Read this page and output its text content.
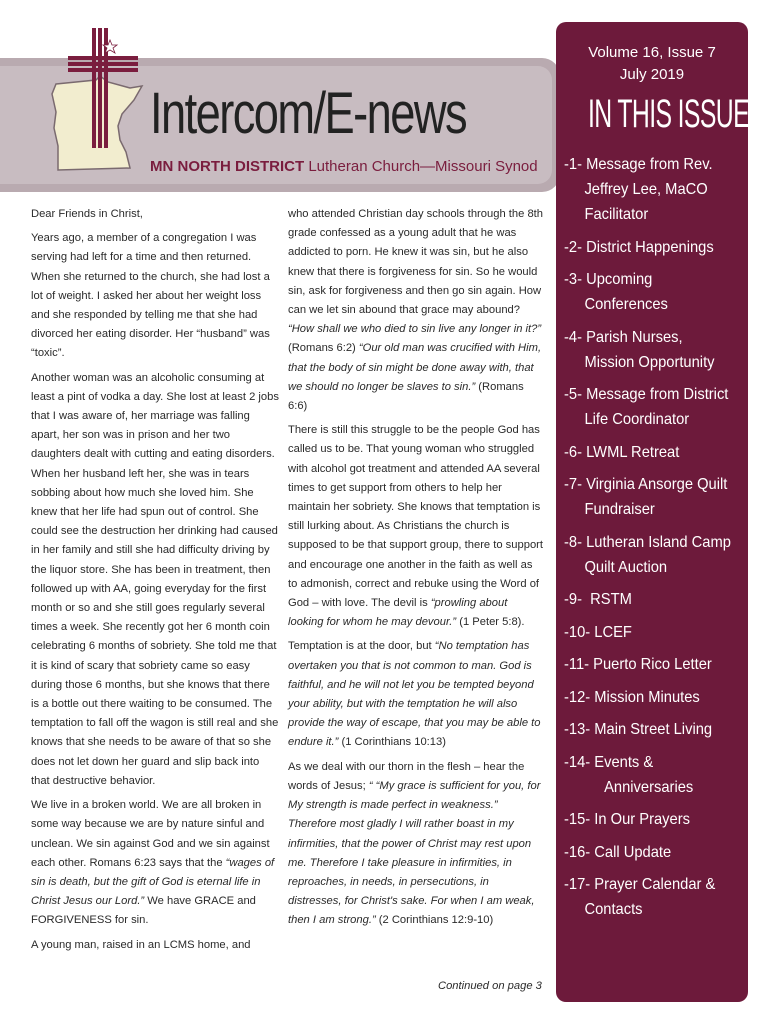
Intercom/E-news
MN NORTH DISTRICT Lutheran Church—Missouri Synod
Volume 16, Issue 7
July 2019
IN THIS ISSUE
-1- Message from Rev.
Jeffrey Lee, MaCO
Facilitator
-2- District Happenings
-3- Upcoming
Conferences
-4- Parish Nurses,
Mission Opportunity
-5- Message from District
Life Coordinator
-6- LWML Retreat
-7- Virginia Ansorge Quilt
Fundraiser
-8- Lutheran Island Camp
Quilt Auction
-9-  RSTM
-10- LCEF
-11- Puerto Rico Letter
-12- Mission Minutes
-13- Main Street Living
-14- Events &
Anniversaries
-15- In Our Prayers
-16- Call Update
-17- Prayer Calendar &
Contacts

Dear Friends in Christ,

Years ago, a member of a congregation I was serving had left for a time and then returned. When she returned to the church, she had lost a lot of weight. I asked her about her weight loss and she responded by telling me that she had divorced her eating disorder. Her “husband” was “toxic”.

Another woman was an alcoholic consuming at least a pint of vodka a day. She lost at least 2 jobs that I was aware of, her marriage was falling apart, her son was in prison and her two daughters dealt with cutting and eating disorders. When her husband left her, she was in tears sobbing about how much she loved him. She knew that her life had spun out of control. She could see the destruction her drinking had caused in her family and still she had difficulty driving by the liquor store. She has been in treatment, then followed up with AA, going everyday for the first month or so and she still goes regularly several times a week. She recently got her 6 month coin celebrating 6 months of sobriety. She told me that it is kind of scary that sobriety came so easy during those 6 months, but she knows that there is a bottle out there waiting to be consumed. The temptation to fall off the wagon is still real and she knows that she needs to be aware of that so she does not let down her guard and slip back into that destructive behavior.

We live in a broken world. We are all broken in some way because we are by nature sinful and unclean. We sin against God and we sin against each other. Romans 6:23 says that the “wages of sin is death, but the gift of God is eternal life in Christ Jesus our Lord.” We have GRACE and FORGIVENESS for sin.

A young man, raised in an LCMS home, and

who attended Christian day schools through the 8th grade confessed as a young adult that he was addicted to porn. He knew it was sin, but he also knew that there is forgiveness for sin. So he would sin, ask for forgiveness and then go sin again. How can we let sin abound that grace may abound? “How shall we who died to sin live any longer in it?” (Romans 6:2) “Our old man was crucified with Him, that the body of sin might be done away with, that we should no longer be slaves to sin.” (Romans 6:6)

There is still this struggle to be the people God has called us to be. That young woman who struggled with alcohol got treatment and attended AA several times to get support from others to help her maintain her sobriety. She knows that temptation is still lurking about. As Christians the church is supposed to be that support group, there to support and encourage one another in the faith as well as to admonish, correct and rebuke using the Word of God – with love. The devil is “prowling about looking for whom he may devour.” (1 Peter 5:8).

Temptation is at the door, but “No temptation has overtaken you that is not common to man. God is faithful, and he will not let you be tempted beyond your ability, but with the temptation he will also provide the way of escape, that you may be able to endure it.” (1 Corinthians 10:13)

As we deal with our thorn in the flesh – hear the words of Jesus; “ “My grace is sufficient for you, for My strength is made perfect in weakness.” Therefore most gladly I will rather boast in my infirmities, that the power of Christ may rest upon me. Therefore I take pleasure in infirmities, in reproaches, in needs, in persecutions, in distresses, for Christ's sake. For when I am weak, then I am strong.” (2 Corinthians 12:9-10)

Continued on page 3
